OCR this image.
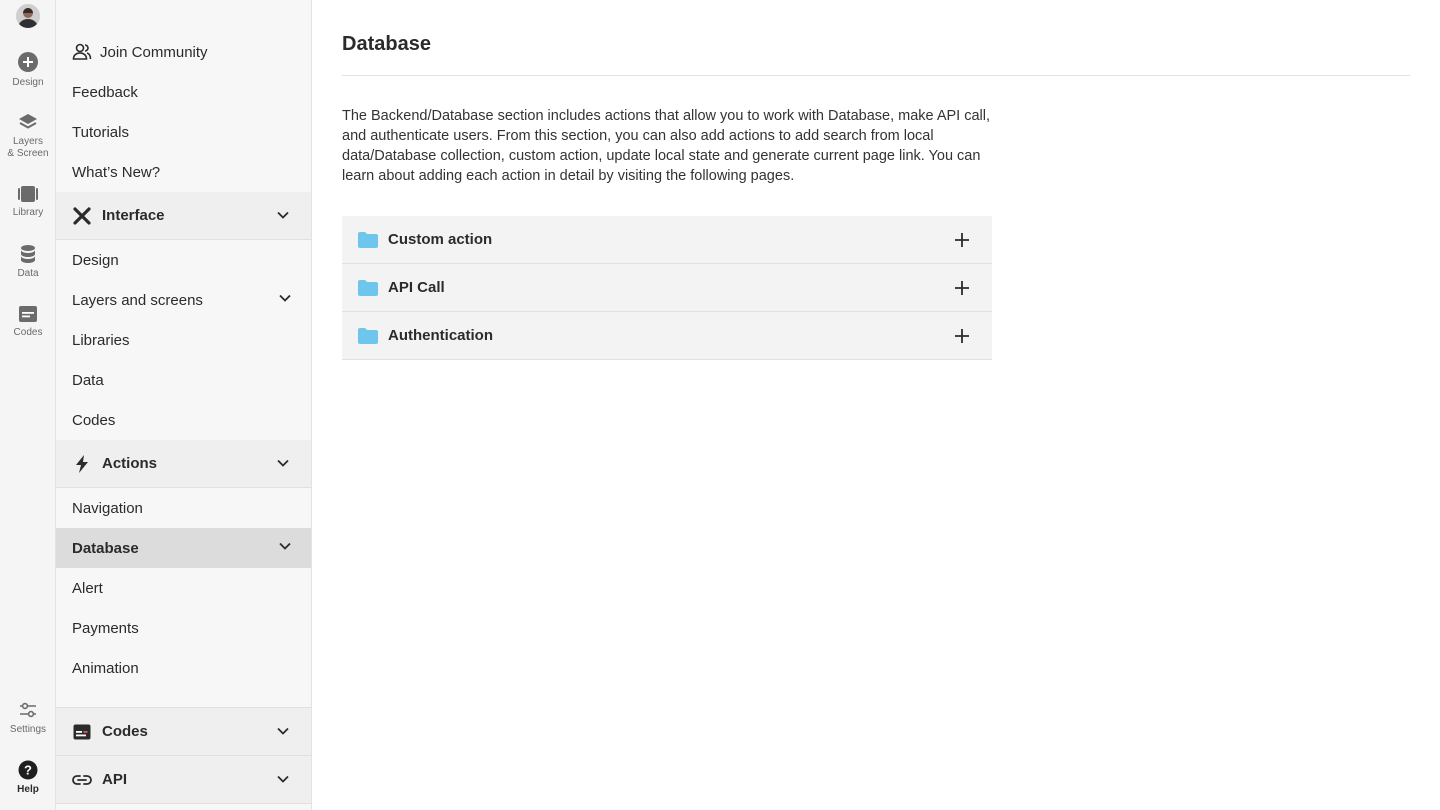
Design
Layers
& Screen
Library
Data
Codes
Settings
?
Help
Join Community
Feedback
Tutorials
What’s New?
Interface
Design
Layers and screens
Libraries
Data
Codes
Actions
Navigation
Database
Alert
Payments
Animation
Codes
API
Database

The Backend/Database section includes actions that allow you to work with Database, make API call, and authenticate users. From this section, you can also add actions to add search from local data/Database collection, custom action, update local state and generate current page link. You can learn about adding each action in detail by visiting the following pages.

Custom action
API Call
Authentication
